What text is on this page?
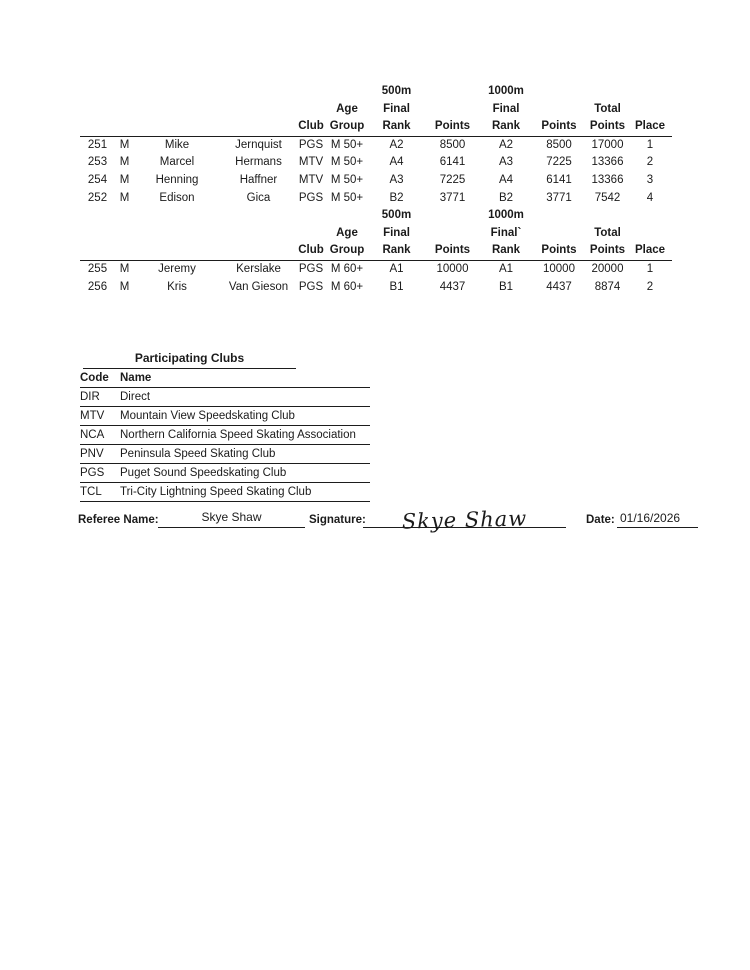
						500m		1000m			
					Age	Final		Final		Total	
				Club	Group	Rank	Points	Rank	Points	Points	Place
251	M	Mike	Jernquist	PGS	M 50+	A2	8500	A2	8500	17000	1
253	M	Marcel	Hermans	MTV	M 50+	A4	6141	A3	7225	13366	2
254	M	Henning	Haffner	MTV	M 50+	A3	7225	A4	6141	13366	3
252	M	Edison	Gica	PGS	M 50+	B2	3771	B2	3771	7542	4
						500m		1000m			
					Age	Final		Final`		Total	
				Club	Group	Rank	Points	Rank	Points	Points	Place
255	M	Jeremy	Kerslake	PGS	M 60+	A1	10000	A1	10000	20000	1
256	M	Kris	Van Gieson	PGS	M 60+	B1	4437	B1	4437	8874	2
Participating Clubs
Code	Name
DIR	Direct
MTV	Mountain View Speedskating Club
NCA	Northern California Speed Skating Association
PNV	Peninsula Speed Skating Club
PGS	Puget Sound Speedskating Club
TCL	Tri-City Lightning Speed Skating Club
Referee Name:	Skye Shaw	Signature:	Skye Shaw	Date: 01/16/2026
